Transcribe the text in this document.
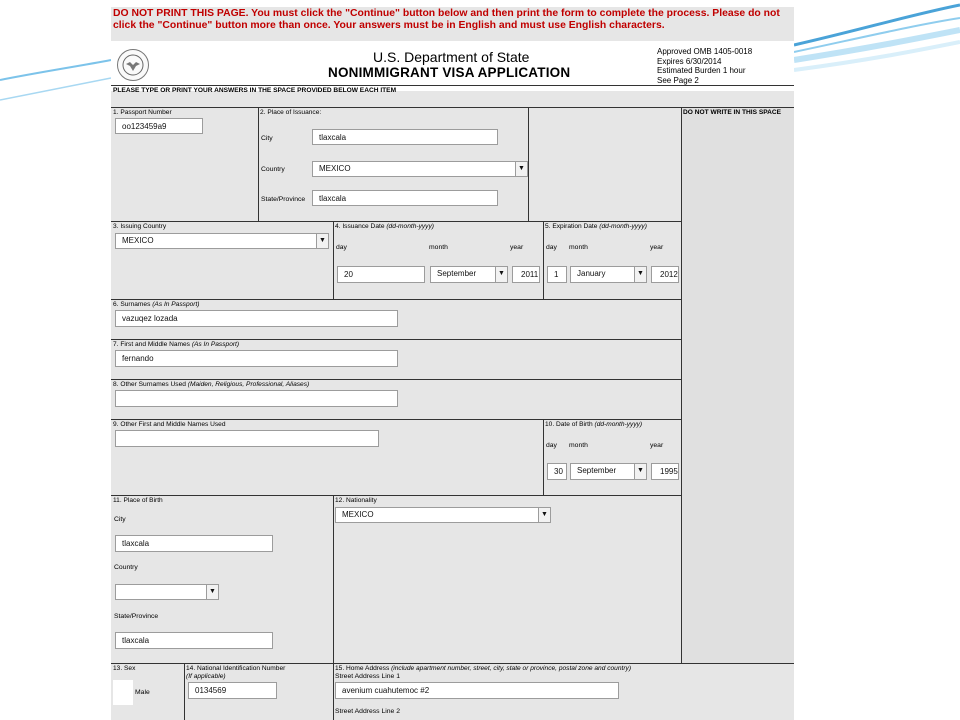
DO NOT PRINT THIS PAGE. You must click the "Continue" button below and then print the form to complete the process. Please do not click the "Continue" button more than once. Your answers must be in English and must use English characters.
U.S. Department of State
NONIMMIGRANT VISA APPLICATION
Approved OMB 1405-0018
Expires 6/30/2014
Estimated Burden 1 hour
See Page 2
PLEASE TYPE OR PRINT YOUR ANSWERS IN THE SPACE PROVIDED BELOW EACH ITEM
DO NOT WRITE IN THIS SPACE
1. Passport Number
oo123459a9
2. Place of Issuance:
City	tlaxcala
Country	MEXICO	▼
State/Province	tlaxcala
3. Issuing Country
MEXICO	▼
4. Issuance Date (dd-month-yyyy)
day	month	year
20	September	▼	2011
5. Expiration Date (dd-month-yyyy)
day month	year
1	January	▼	2012
6. Surnames (As In Passport)
vazuqez lozada
7. First and Middle Names (As In Passport)
fernando
8. Other Surnames Used (Maiden, Religious, Professional, Aliases)
9. Other First and Middle Names Used	10. Date of Birth (dd-month-yyyy)
day month	year
30	September	▼	1995
11. Place of Birth
City
tlaxcala
Country
▼
State/Province
tlaxcala
12. Nationality
MEXICO	▼
13. Sex
Male
14. National Identification Number
(If applicable)
0134569
15. Home Address (include apartment number, street, city, state or province, postal zone and country)
Street Address Line 1
avenium cuahutemoc #2
Street Address Line 2
